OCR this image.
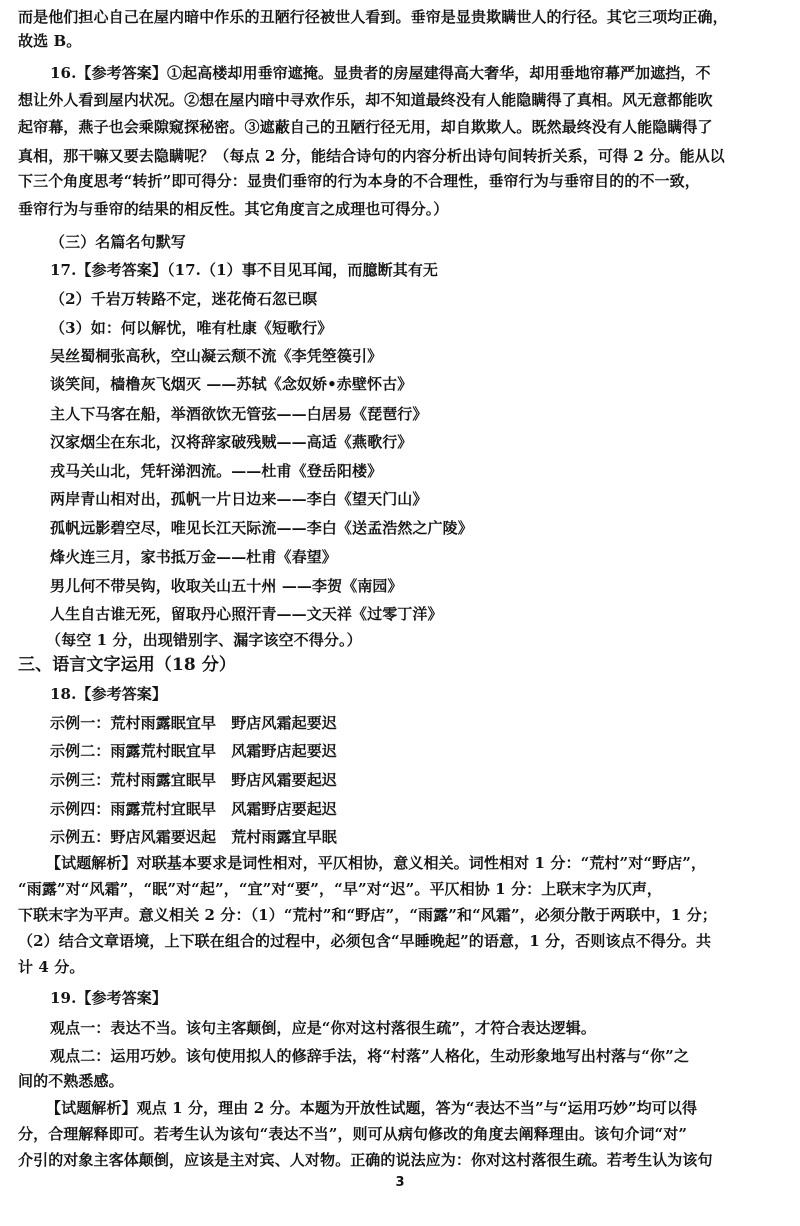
而是他们担心自己在屋内暗中作乐的丑陋行径被世人看到。垂帘是显贵欺瞒世人的行径。其它三项均正确，
故选 B。
16.【参考答案】①起高楼却用垂帘遮掩。显贵者的房屋建得高大奢华，却用垂地帘幕严加遮挡，不
想让外人看到屋内状况。②想在屋内暗中寻欢作乐，却不知道最终没有人能隐瞒得了真相。风无意都能吹
起帘幕，燕子也会乘隙窥探秘密。③遮蔽自己的丑陋行径无用，却自欺欺人。既然最终没有人能隐瞒得了
真相，那干嘛又要去隐瞒呢？（每点 2 分，能结合诗句的内容分析出诗句间转折关系，可得 2 分。能从以
下三个角度思考“转折”即可得分：显贵们垂帘的行为本身的不合理性，垂帘行为与垂帘目的的不一致，
垂帘行为与垂帘的结果的相反性。其它角度言之成理也可得分。）
（三）名篇名句默写
17.【参考答案】（17.（1）事不目见耳闻，而臆断其有无
（2）千岩万转路不定，迷花倚石忽已暝
（3）如：何以解忧，唯有杜康《短歌行》
吴丝蜀桐张高秋，空山凝云颓不流《李凭箜篌引》
谈笑间，樯橹灰飞烟灭 ——苏轼《念奴娇•赤壁怀古》
主人下马客在船，举酒欲饮无管弦——白居易《琵琶行》
汉家烟尘在东北，汉将辞家破残贼——高适《燕歌行》
戎马关山北，凭轩涕泗流。——杜甫《登岳阳楼》
两岸青山相对出，孤帆一片日边来——李白《望天门山》
孤帆远影碧空尽，唯见长江天际流——李白《送孟浩然之广陵》
烽火连三月，家书抵万金——杜甫《春望》
男儿何不带吴钩，收取关山五十州 ——李贺《南园》
人生自古谁无死，留取丹心照汗青——文天祥《过零丁洋》
（每空 1 分，出现错别字、漏字该空不得分。）
三、语言文字运用（18 分）
18.【参考答案】
示例一：荒村雨露眠宜早　野店风霜起要迟
示例二：雨露荒村眠宜早　风霜野店起要迟
示例三：荒村雨露宜眠早　野店风霜要起迟
示例四：雨露荒村宜眠早　风霜野店要起迟
示例五：野店风霜要迟起　荒村雨露宜早眠
【试题解析】对联基本要求是词性相对，平仄相协，意义相关。词性相对 1 分：“荒村”对“野店”，
“雨露”对“风霜”，“眠”对“起”，“宜”对“要”，“早”对“迟”。平仄相协 1 分：上联末字为仄声，
下联末字为平声。意义相关 2 分：（1）“荒村”和“野店”，“雨露”和“风霜”，必须分散于两联中，1 分；
（2）结合文章语境，上下联在组合的过程中，必须包含“早睡晚起”的语意，1 分，否则该点不得分。共
计 4 分。
19.【参考答案】
观点一：表达不当。该句主客颠倒，应是“你对这村落很生疏”，才符合表达逻辑。
观点二：运用巧妙。该句使用拟人的修辞手法，将“村落”人格化，生动形象地写出村落与“你”之
间的不熟悉感。
【试题解析】观点 1 分，理由 2 分。本题为开放性试题，答为“表达不当”与“运用巧妙”均可以得
分，合理解释即可。若考生认为该句“表达不当”，则可从病句修改的角度去阐释理由。该句介词“对”
介引的对象主客体颠倒，应该是主对宾、人对物。正确的说法应为：你对这村落很生疏。若考生认为该句
3
